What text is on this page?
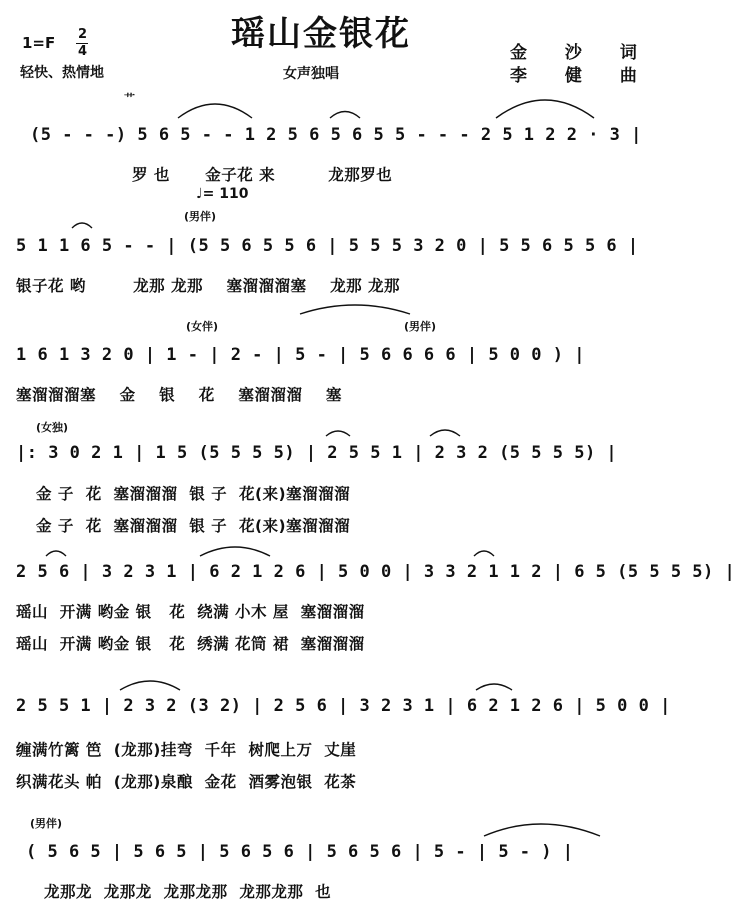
瑶山金银花
1=F 2
4
轻快、热情地	女声独唱
金 沙 词
李 健 曲
艹
(5 - - -) 5 6 5 - - 1 2 5 6 5 6 5 5 - - - 2 5 1 2 2 · 3 |
罗 也      金子花 来         龙那罗也
♩= 110
(男伴)
5 1 1 6 5 - - | (5 5 6 5 5 6 | 5 5 5 3 2 0 | 5 5 6 5 5 6 |
银子花 哟        龙那 龙那    塞溜溜溜塞    龙那 龙那
(女伴)	(男伴)
1 6 1 3 2 0 | 1 - | 2 - | 5 - | 5 6 6 6 6 | 5 0 0 ) |
塞溜溜溜塞    金    银    花    塞溜溜溜    塞
(女独)
|: 3 0 2 1 | 1 5 (5 5 5 5) | 2 5 5 1 | 2 3 2 (5 5 5 5) |
金 子  花  塞溜溜溜  银 子  花(来)塞溜溜溜
金 子  花  塞溜溜溜  银 子  花(来)塞溜溜溜
2 5 6 | 3 2 3 1 | 6 2 1 2 6 | 5 0 0 | 3 3 2 1 1 2 | 6 5 (5 5 5 5) |
瑶山  开满 哟金 银   花  绕满 小木 屋  塞溜溜溜
瑶山  开满 哟金 银   花  绣满 花筒 裙  塞溜溜溜
2 5 5 1 | 2 3 2 (3 2) | 2 5 6 | 3 2 3 1 | 6 2 1 2 6 | 5 0 0 |
缠满竹篱 笆  (龙那)挂弯  千年  树爬上万  丈崖
织满花头 帕  (龙那)泉酿  金花  酒雾泡银  花茶
(男伴)
( 5 6 5 | 5 6 5 | 5 6 5 6 | 5 6 5 6 | 5 - | 5 - ) |
龙那龙  龙那龙  龙那龙那  龙那龙那  也
